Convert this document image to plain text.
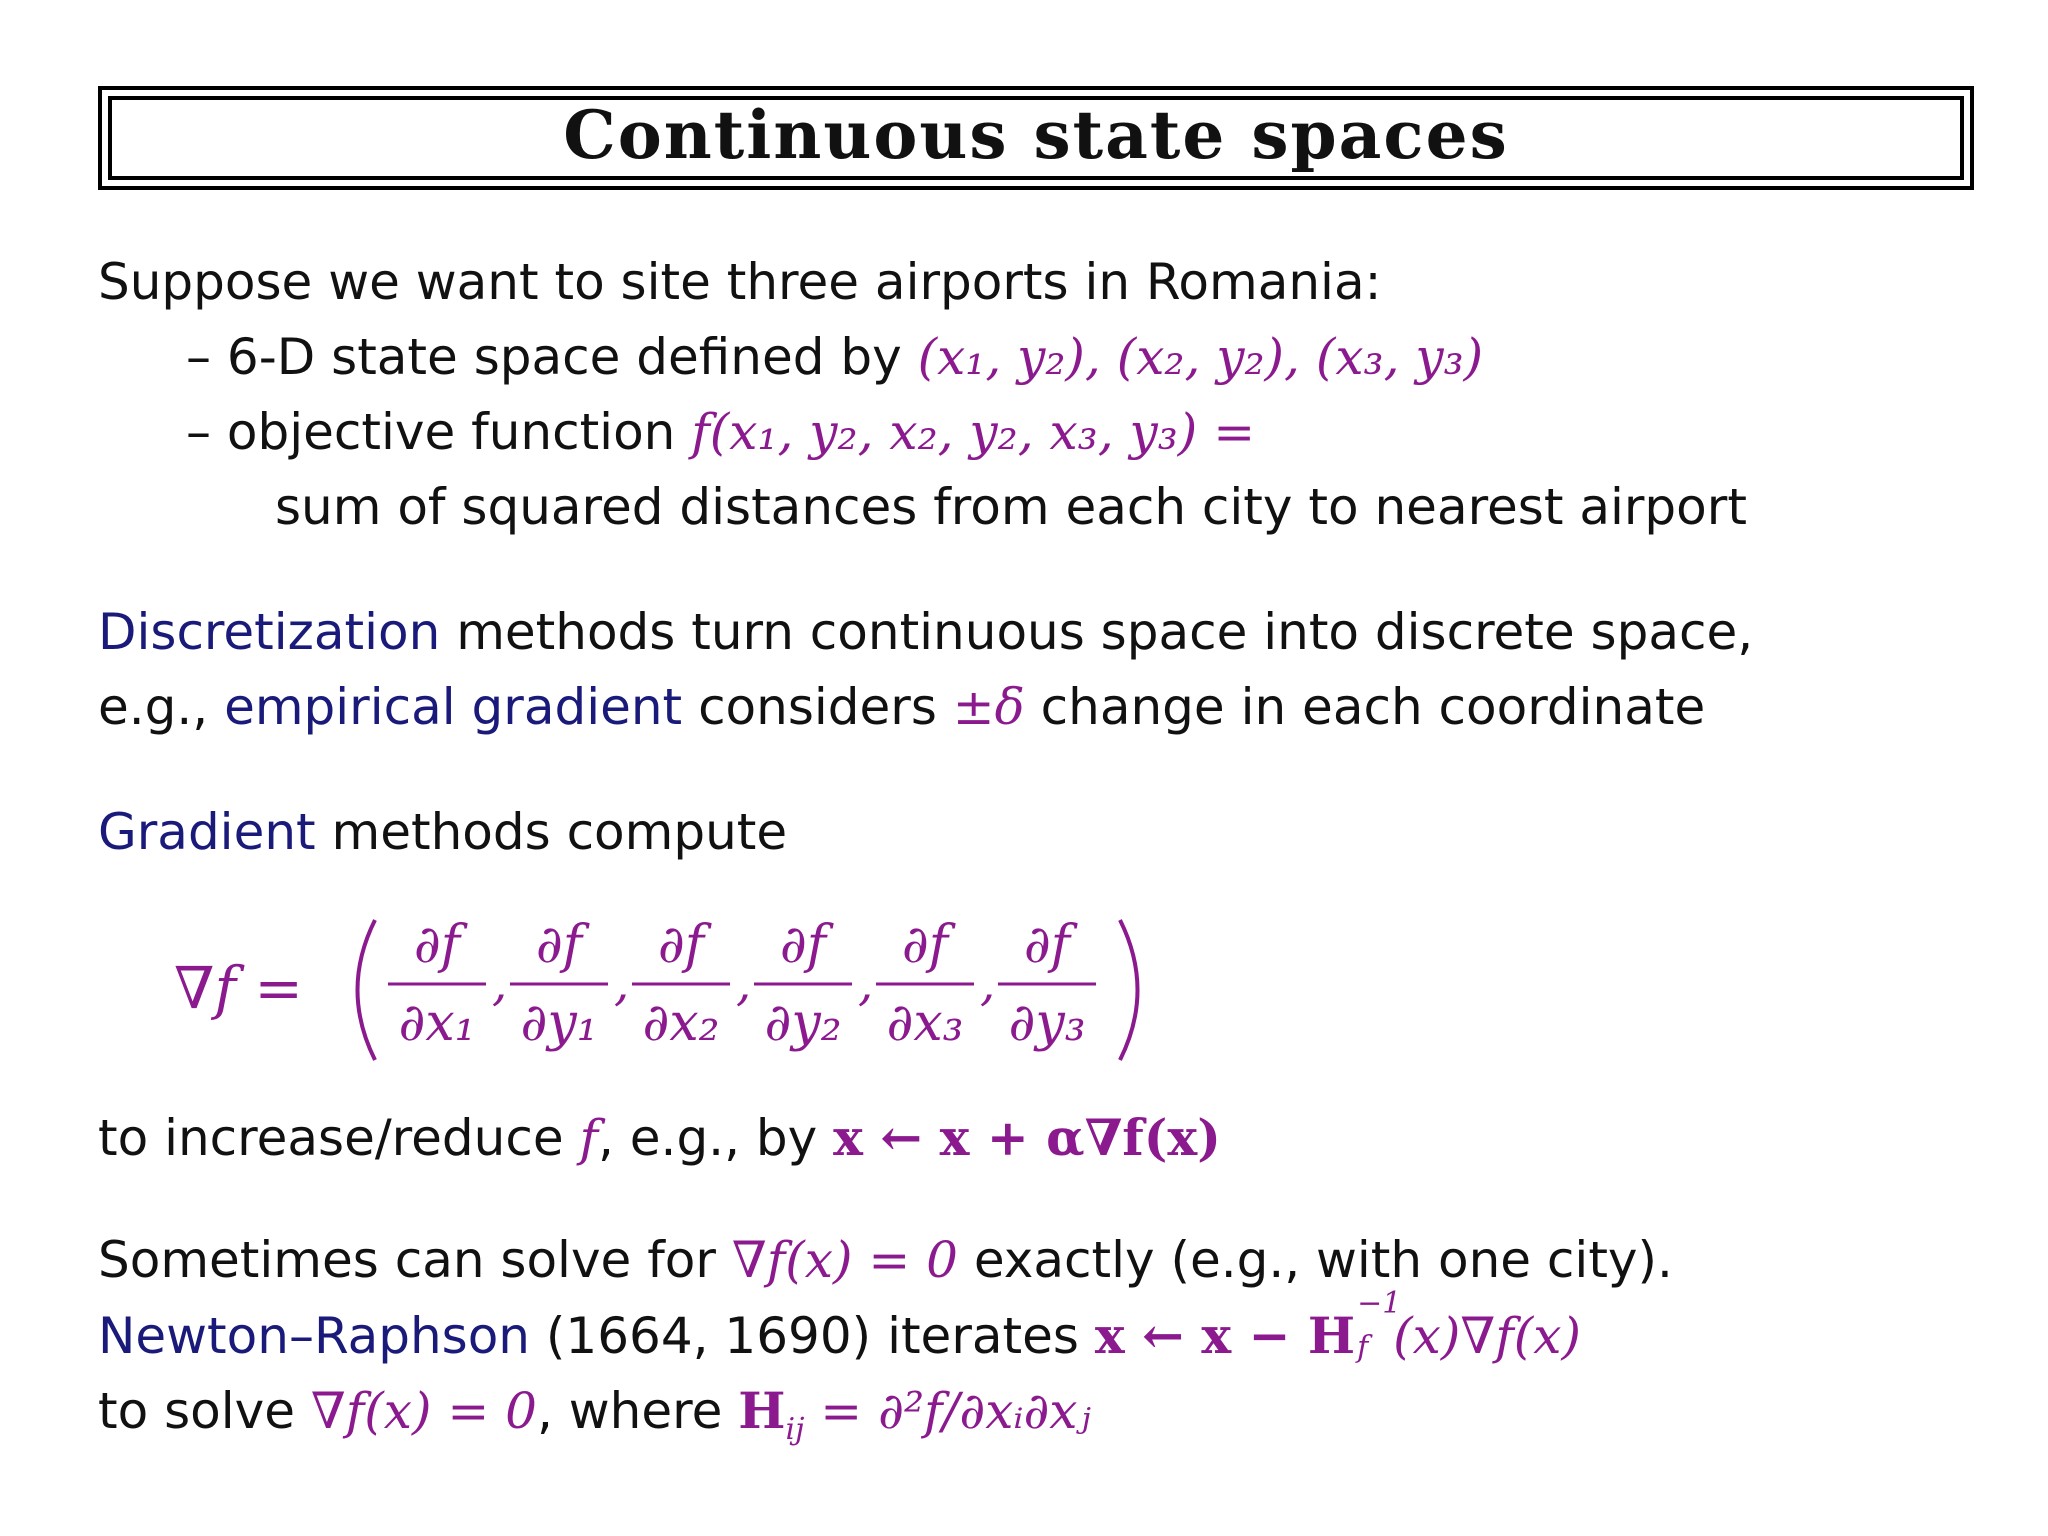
Continuous state spaces
Suppose we want to site three airports in Romania:
– 6-D state space defined by (x₁, y₂), (x₂, y₂), (x₃, y₃)
– objective function f(x₁, y₂, x₂, y₂, x₃, y₃) =
sum of squared distances from each city to nearest airport
Discretization methods turn continuous space into discrete space,
e.g., empirical gradient considers ±δ change in each coordinate
Gradient methods compute
∇f =
∂f
∂x₁
,
∂f
∂y₁
,
∂f
∂x₂
,
∂f
∂y₂
,
∂f
∂x₃
,
∂f
∂y₃
to increase/reduce f, e.g., by x ← x + α∇f(x)
Sometimes can solve for ∇f(x) = 0 exactly (e.g., with one city).
Newton–Raphson (1664, 1690) iterates x ← x − H
−1
f (x)∇f(x)
to solve ∇f(x) = 0, where $H_{ij}$ = ∂²f/∂xᵢ∂xⱼ
